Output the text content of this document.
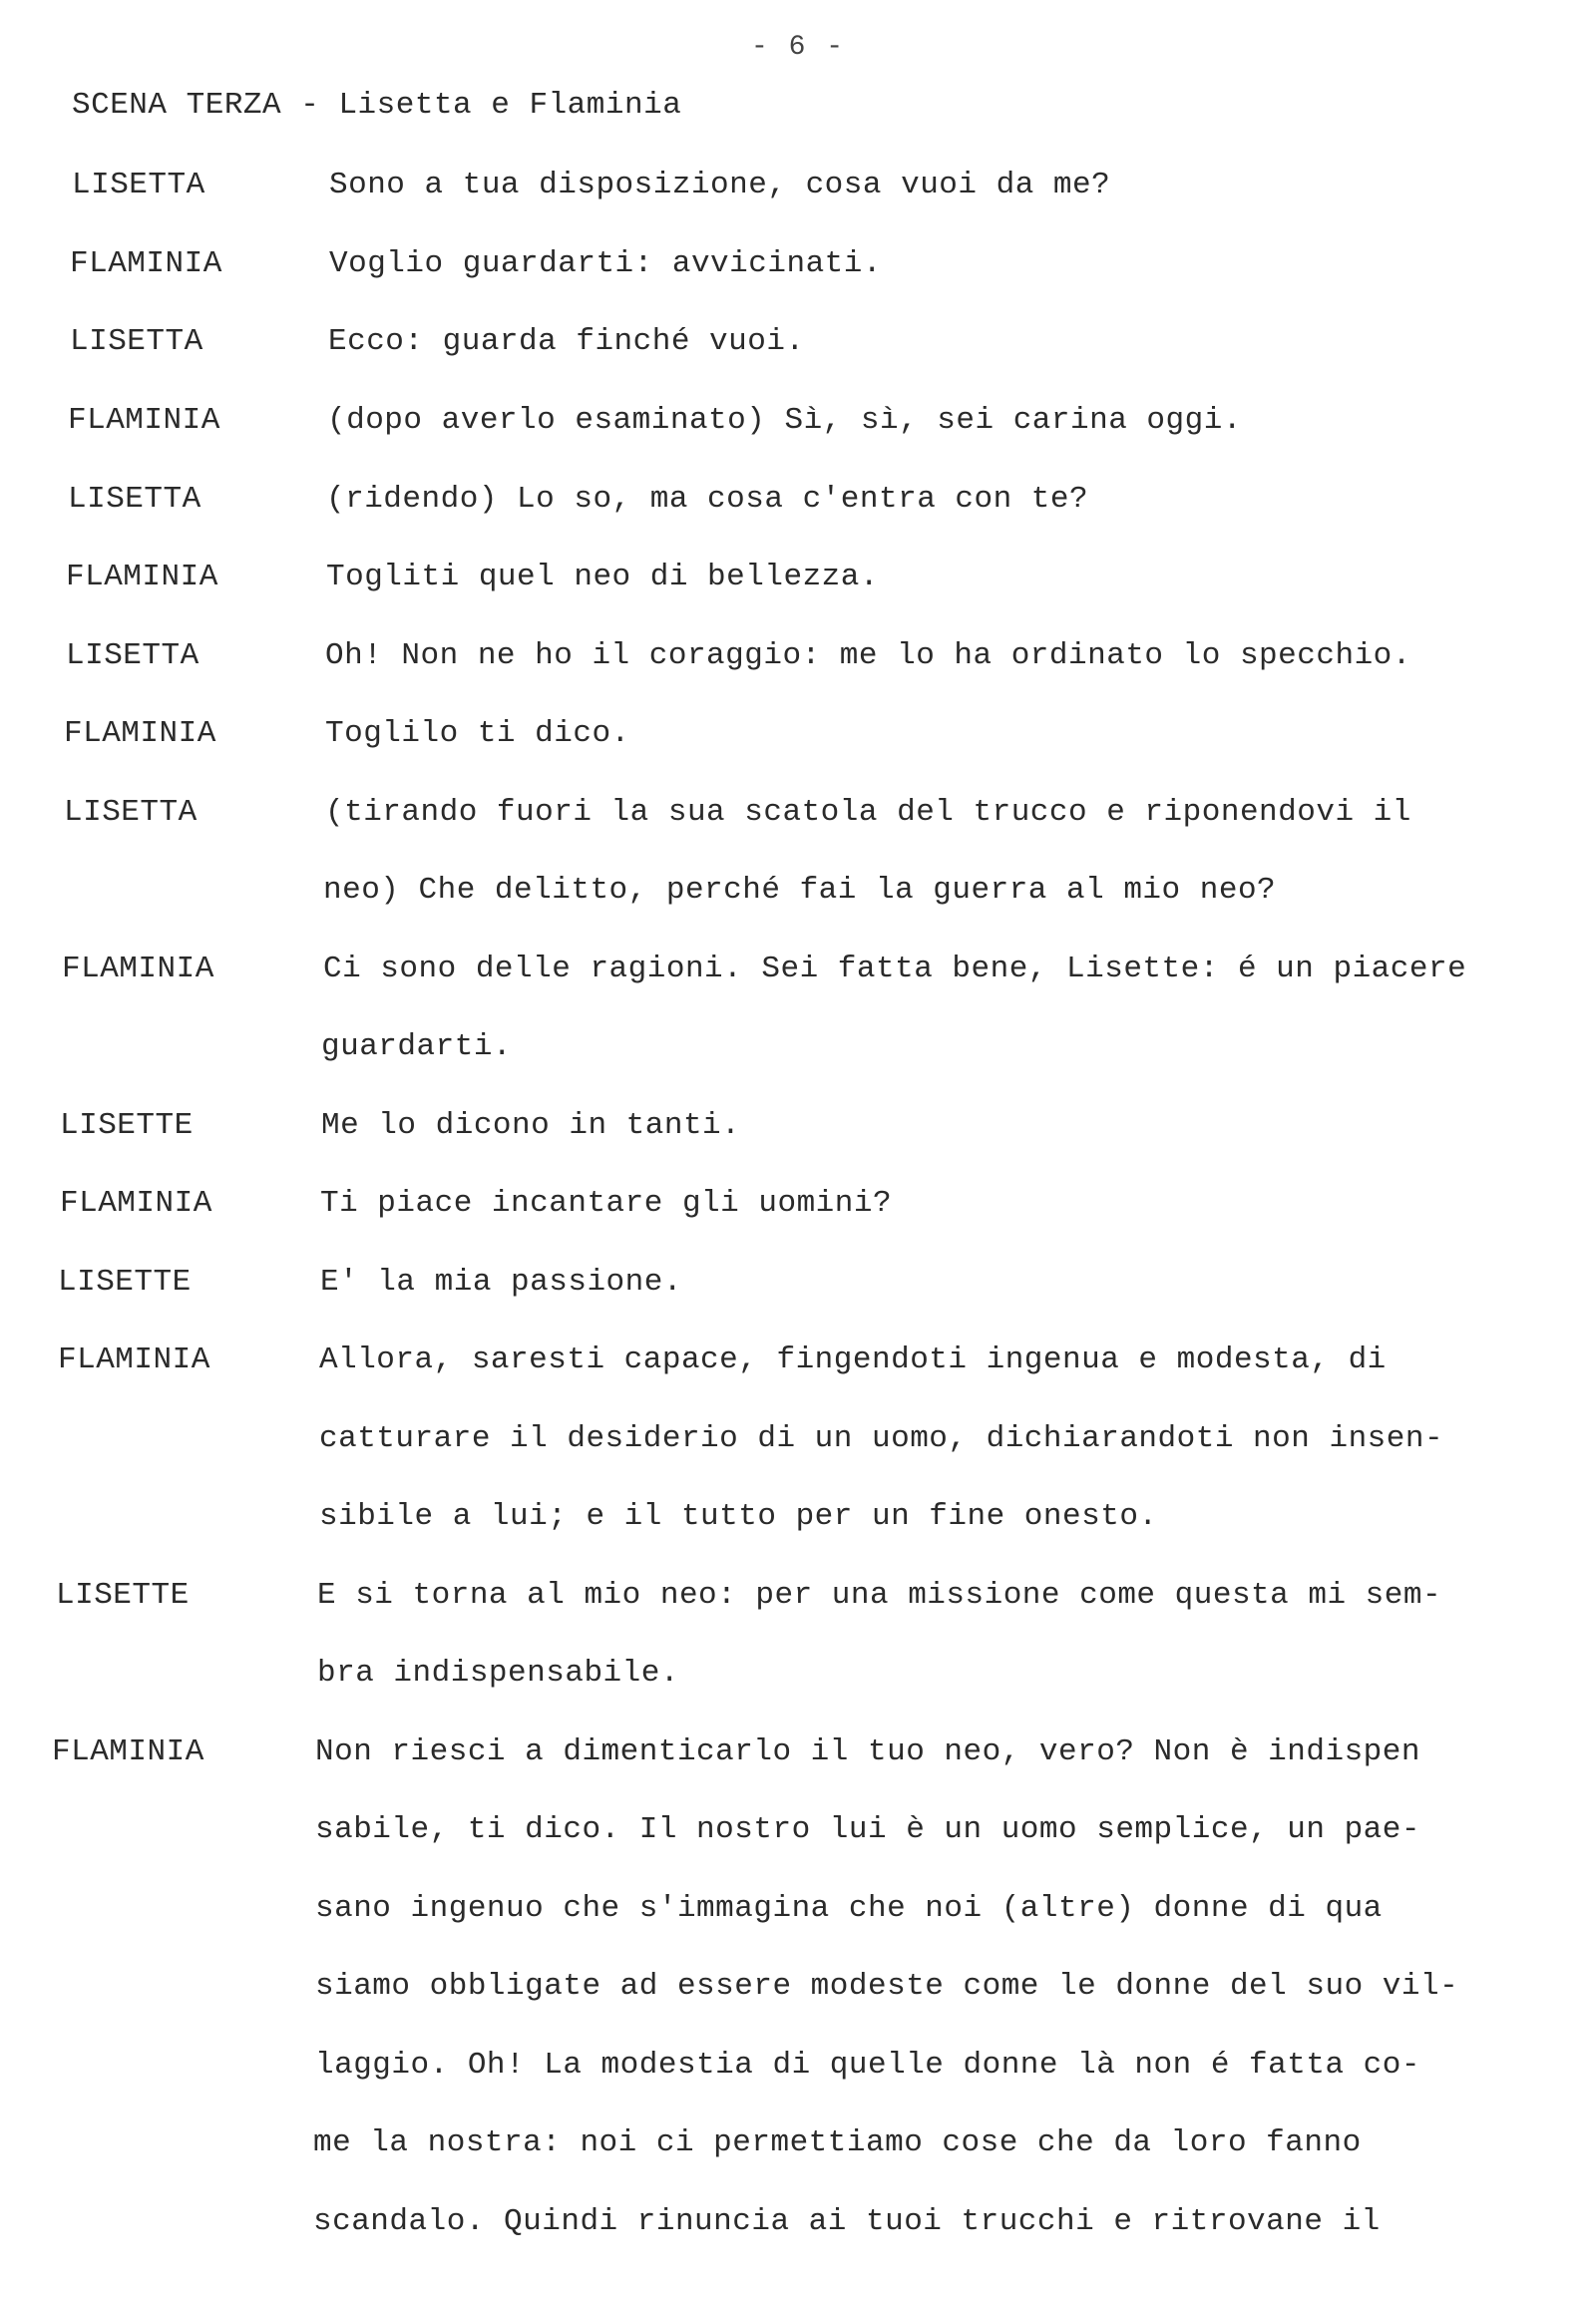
- 6 -
SCENA TERZA - Lisetta e Flaminia
LISETTA	Sono a tua disposizione, cosa vuoi da me?
FLAMINIA	Voglio guardarti: avvicinati.
LISETTA	Ecco: guarda finché vuoi.
FLAMINIA	(dopo averlo esaminato) Sì, sì, sei carina oggi.
LISETTA	(ridendo) Lo so, ma cosa c'entra con te?
FLAMINIA	Togliti quel neo di bellezza.
LISETTA	Oh! Non ne ho il coraggio: me lo ha ordinato lo specchio.
FLAMINIA	Toglilo ti dico.
LISETTA	(tirando fuori la sua scatola del trucco e riponendovi il
neo) Che delitto, perché fai la guerra al mio neo?
FLAMINIA	Ci sono delle ragioni. Sei fatta bene, Lisette: é un piacere
guardarti.
LISETTE	Me lo dicono in tanti.
FLAMINIA	Ti piace incantare gli uomini?
LISETTE	E' la mia passione.
FLAMINIA	Allora, saresti capace, fingendoti ingenua e modesta, di
catturare il desiderio di un uomo, dichiarandoti non insen-
sibile a lui; e il tutto per un fine onesto.
LISETTE	E si torna al mio neo: per una missione come questa mi sem-
bra indispensabile.
FLAMINIA	Non riesci a dimenticarlo il tuo neo, vero? Non è indispen
sabile, ti dico. Il nostro lui è un uomo semplice, un pae-
sano ingenuo che s'immagina che noi (altre) donne di qua
siamo obbligate ad essere modeste come le donne del suo vil-
laggio. Oh! La modestia di quelle donne là non é fatta co-
me la nostra: noi ci permettiamo cose che da loro fanno
scandalo. Quindi rinuncia ai tuoi trucchi e ritrovane il
